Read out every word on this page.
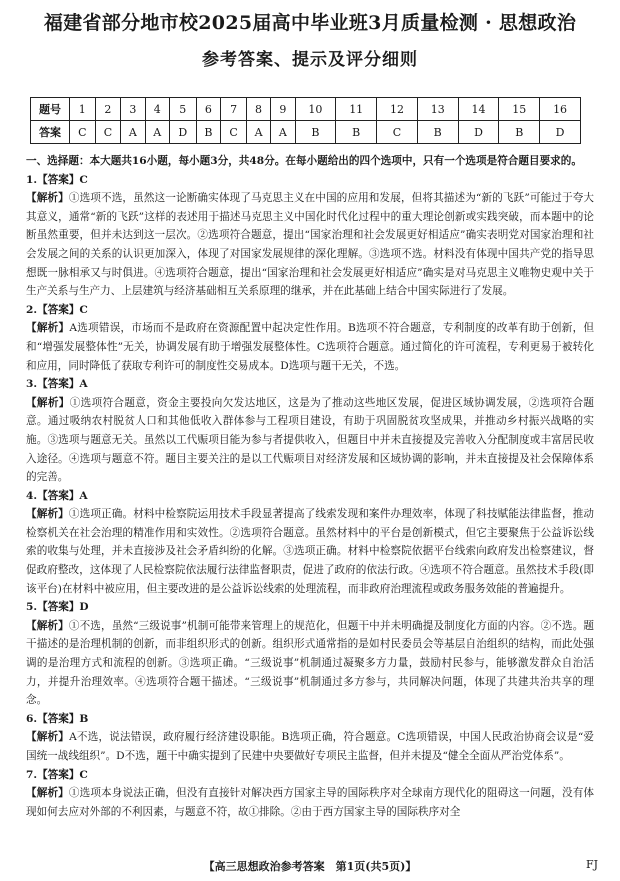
福建省部分地市校2025届高中毕业班3月质量检测 · 思想政治
参考答案、提示及评分细则
题号	1	2	3	4	5	6	7	8	9	10	11	12	13	14	15	16
答案	C	C	A	A	D	B	C	A	A	B	B	C	B	D	B	D

一、选择题：本大题共16小题，每小题3分，共48分。在每小题给出的四个选项中，只有一个选项是符合题目要求的。

1.【答案】C

【解析】①选项不选，虽然这一论断确实体现了马克思主义在中国的应用和发展，但将其描述为“新的飞跃”可能过于夸大其意义，通常“新的飞跃”这样的表述用于描述马克思主义中国化时代化过程中的重大理论创新或实践突破，而本题中的论断虽然重要，但并未达到这一层次。②选项符合题意，提出“国家治理和社会发展更好相适应”确实表明党对国家治理和社会发展之间的关系的认识更加深入，体现了对国家发展规律的深化理解。③选项不选。材料没有体现中国共产党的指导思想既一脉相承又与时俱进。④选项符合题意，提出“国家治理和社会发展更好相适应”确实是对马克思主义唯物史观中关于生产关系与生产力、上层建筑与经济基础相互关系原理的继承，并在此基础上结合中国实际进行了发展。

2.【答案】C

【解析】A选项错误，市场而不是政府在资源配置中起决定性作用。B选项不符合题意，专利制度的改革有助于创新，但和“增强发展整体性”无关，协调发展有助于增强发展整体性。C选项符合题意。通过简化的许可流程，专利更易于被转化和应用，同时降低了获取专利许可的制度性交易成本。D选项与题干无关，不选。

3.【答案】A

【解析】①选项符合题意，资金主要投向欠发达地区，这是为了推动这些地区发展，促进区域协调发展，②选项符合题意。通过吸纳农村脱贫人口和其他低收入群体参与工程项目建设，有助于巩固脱贫攻坚成果，并推动乡村振兴战略的实施。③选项与题意无关。虽然以工代赈项目能为参与者提供收入，但题目中并未直接提及完善收入分配制度或丰富居民收入途径。④选项与题意不符。题目主要关注的是以工代赈项目对经济发展和区域协调的影响，并未直接提及社会保障体系的完善。

4.【答案】A

【解析】①选项正确。材料中检察院运用技术手段显著提高了线索发现和案件办理效率，体现了科技赋能法律监督，推动检察机关在社会治理的精准作用和实效性。②选项符合题意。虽然材料中的平台是创新模式，但它主要聚焦于公益诉讼线索的收集与处理，并未直接涉及社会矛盾纠纷的化解。③选项正确。材料中检察院依据平台线索向政府发出检察建议，督促政府整改，这体现了人民检察院依法履行法律监督职责，促进了政府的依法行政。④选项不符合题意。虽然技术手段(即该平台)在材料中被应用，但主要改进的是公益诉讼线索的处理流程，而非政府治理流程或政务服务效能的普遍提升。

5.【答案】D

【解析】①不选，虽然“三级说事”机制可能带来管理上的规范化，但题干中并未明确提及制度化方面的内容。②不选。题干描述的是治理机制的创新，而非组织形式的创新。组织形式通常指的是如村民委员会等基层自治组织的结构，而此处强调的是治理方式和流程的创新。③选项正确。“三级说事”机制通过凝聚多方力量，鼓励村民参与，能够激发群众自治活力，并提升治理效率。④选项符合题干描述。“三级说事”机制通过多方参与，共同解决问题，体现了共建共治共享的理念。

6.【答案】B

【解析】A不选，说法错误，政府履行经济建设职能。B选项正确，符合题意。C选项错误，中国人民政治协商会议是“爱国统一战线组织”。D不选，题干中确实提到了民建中央要做好专项民主监督，但并未提及“健全全面从严治党体系”。

7.【答案】C

【解析】①选项本身说法正确，但没有直接针对解决西方国家主导的国际秩序对全球南方现代化的阻碍这一问题，没有体现如何去应对外部的不利因素，与题意不符，故①排除。②由于西方国家主导的国际秩序对全

【高三思想政治参考答案　第1页(共5页)】	FJ
